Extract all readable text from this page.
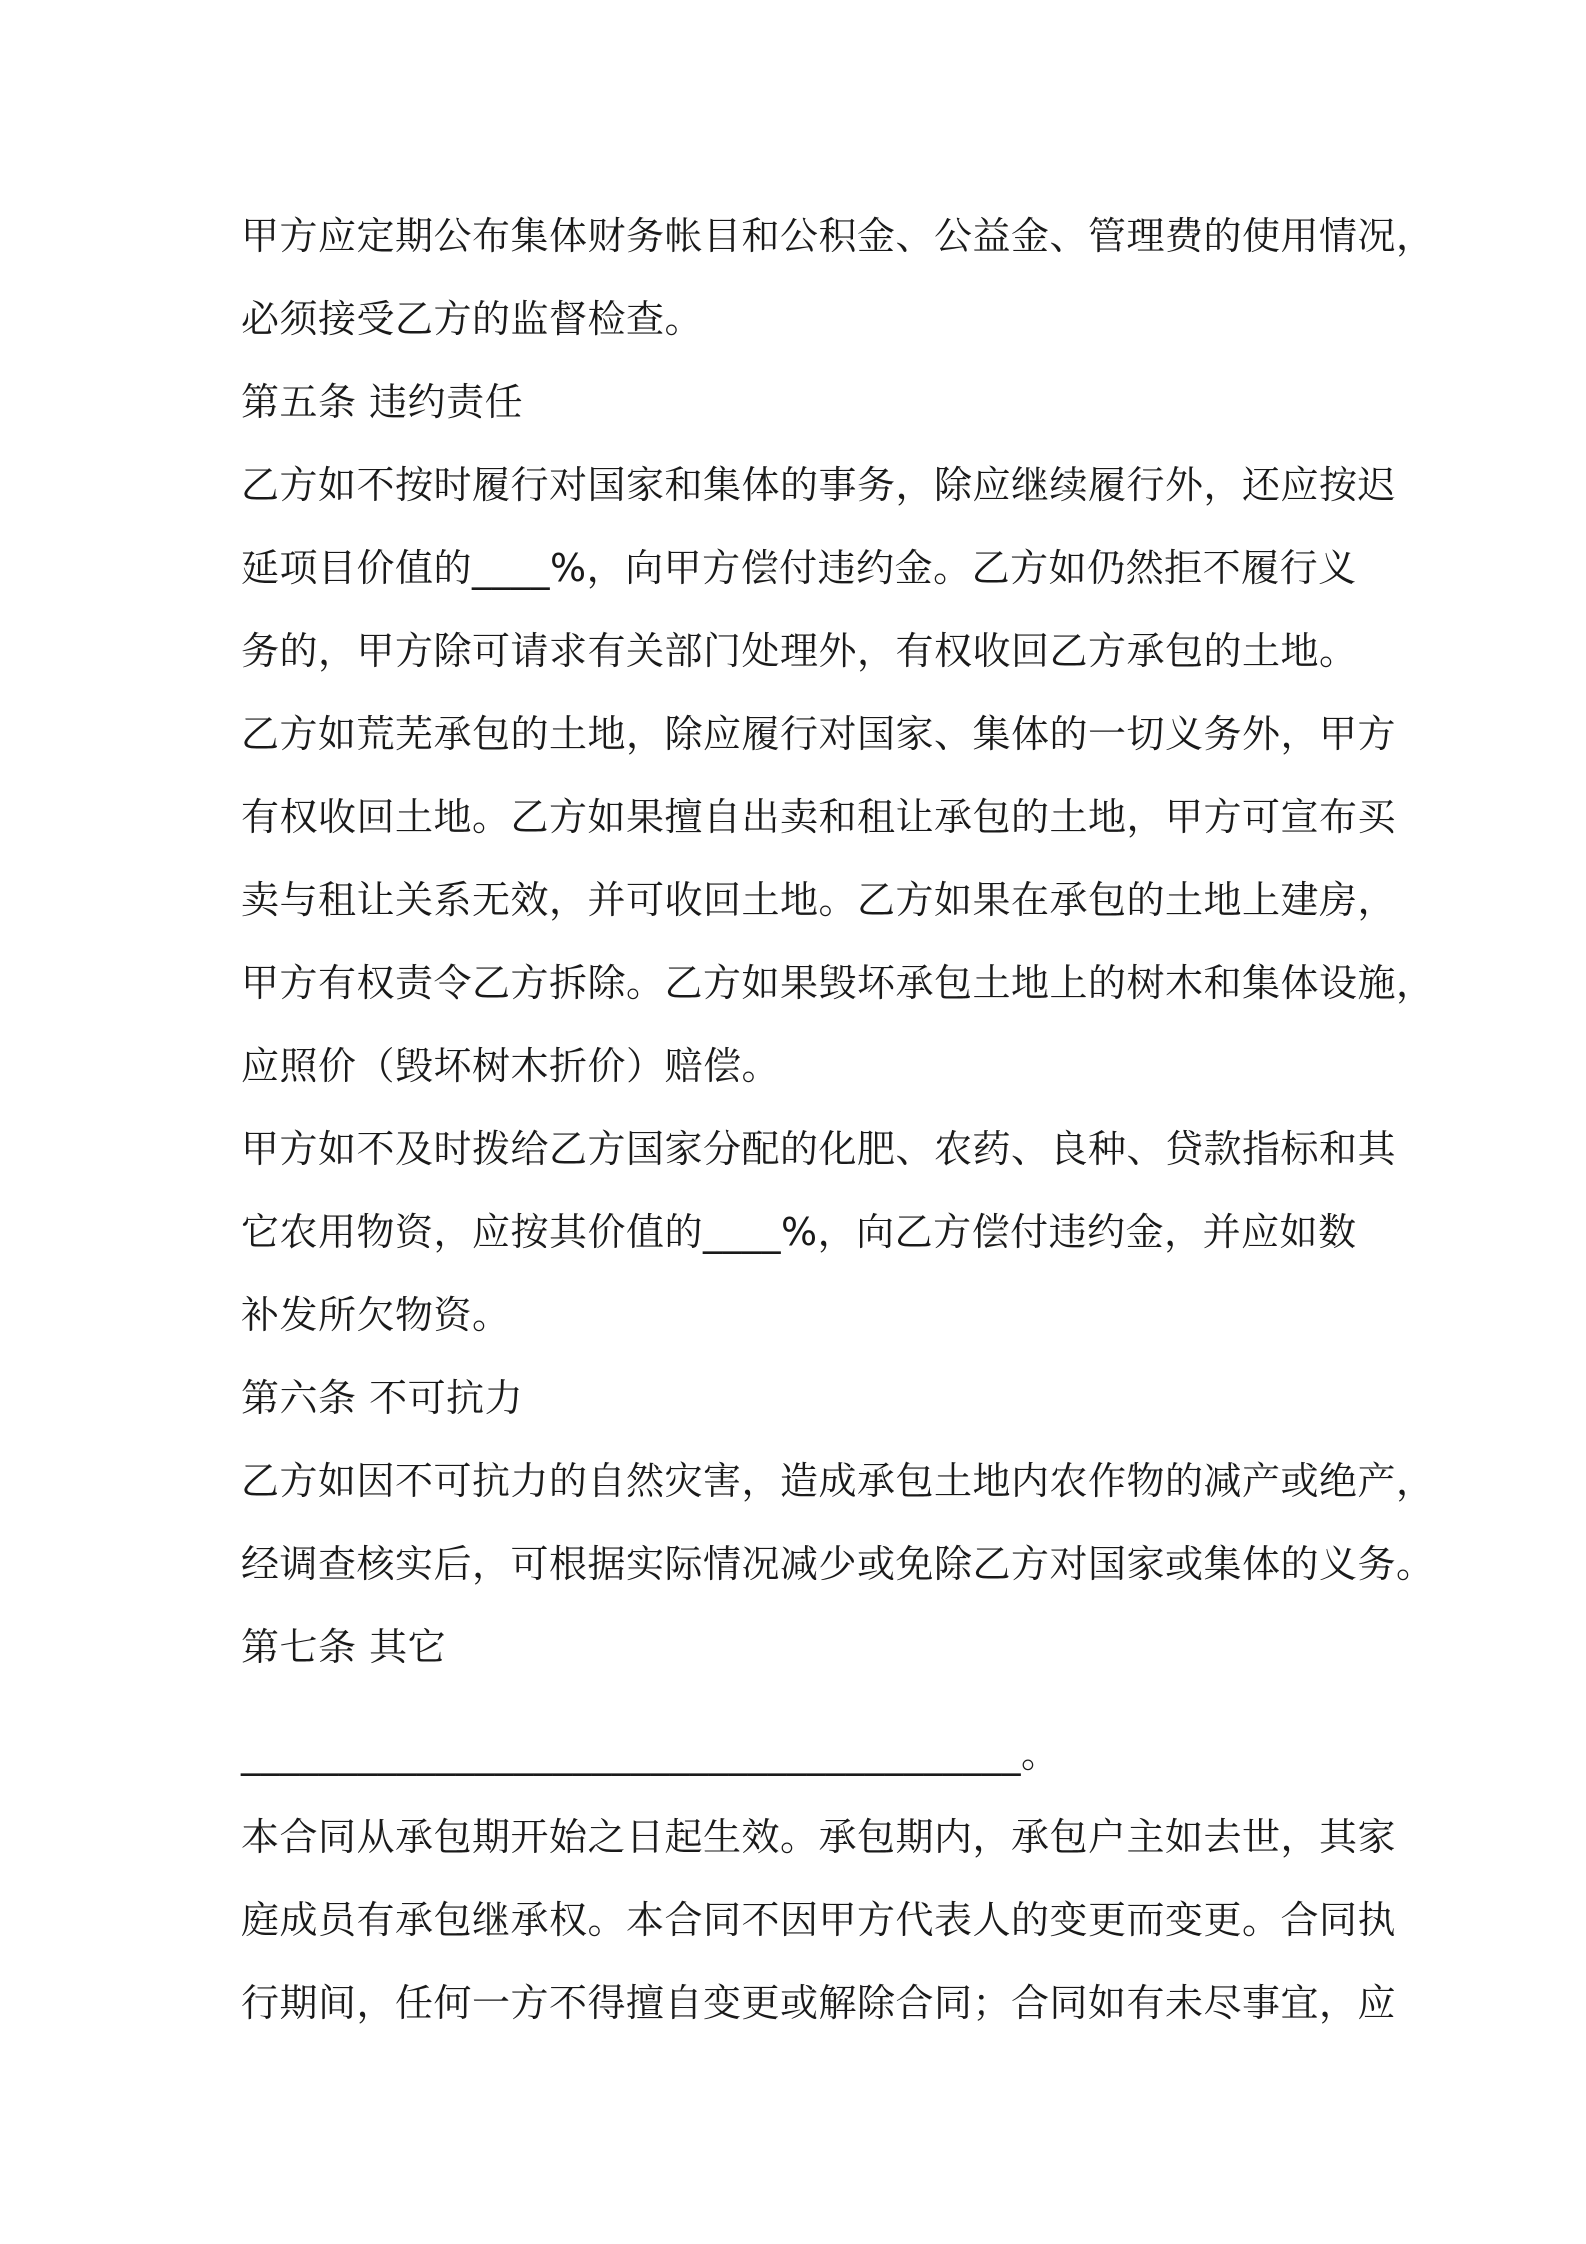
甲方应定期公布集体财务帐目和公积金、公益金、管理费的使用情况，
必须接受乙方的监督检查。
第五条 违约责任
乙方如不按时履行对国家和集体的事务，除应继续履行外，还应按迟
延项目价值的____%，向甲方偿付违约金。乙方如仍然拒不履行义
务的，甲方除可请求有关部门处理外，有权收回乙方承包的土地。
乙方如荒芜承包的土地，除应履行对国家、集体的一切义务外，甲方
有权收回土地。乙方如果擅自出卖和租让承包的土地，甲方可宣布买
卖与租让关系无效，并可收回土地。乙方如果在承包的土地上建房，
甲方有权责令乙方拆除。乙方如果毁坏承包土地上的树木和集体设施，
应照价（毁坏树木折价）赔偿。
甲方如不及时拨给乙方国家分配的化肥、农药、良种、贷款指标和其
它农用物资，应按其价值的____%，向乙方偿付违约金，并应如数
补发所欠物资。
第六条 不可抗力
乙方如因不可抗力的自然灾害，造成承包土地内农作物的减产或绝产，
经调查核实后，可根据实际情况减少或免除乙方对国家或集体的义务。
第七条 其它
________________________________________。
本合同从承包期开始之日起生效。承包期内，承包户主如去世，其家
庭成员有承包继承权。本合同不因甲方代表人的变更而变更。合同执
行期间，任何一方不得擅自变更或解除合同；合同如有未尽事宜，应
